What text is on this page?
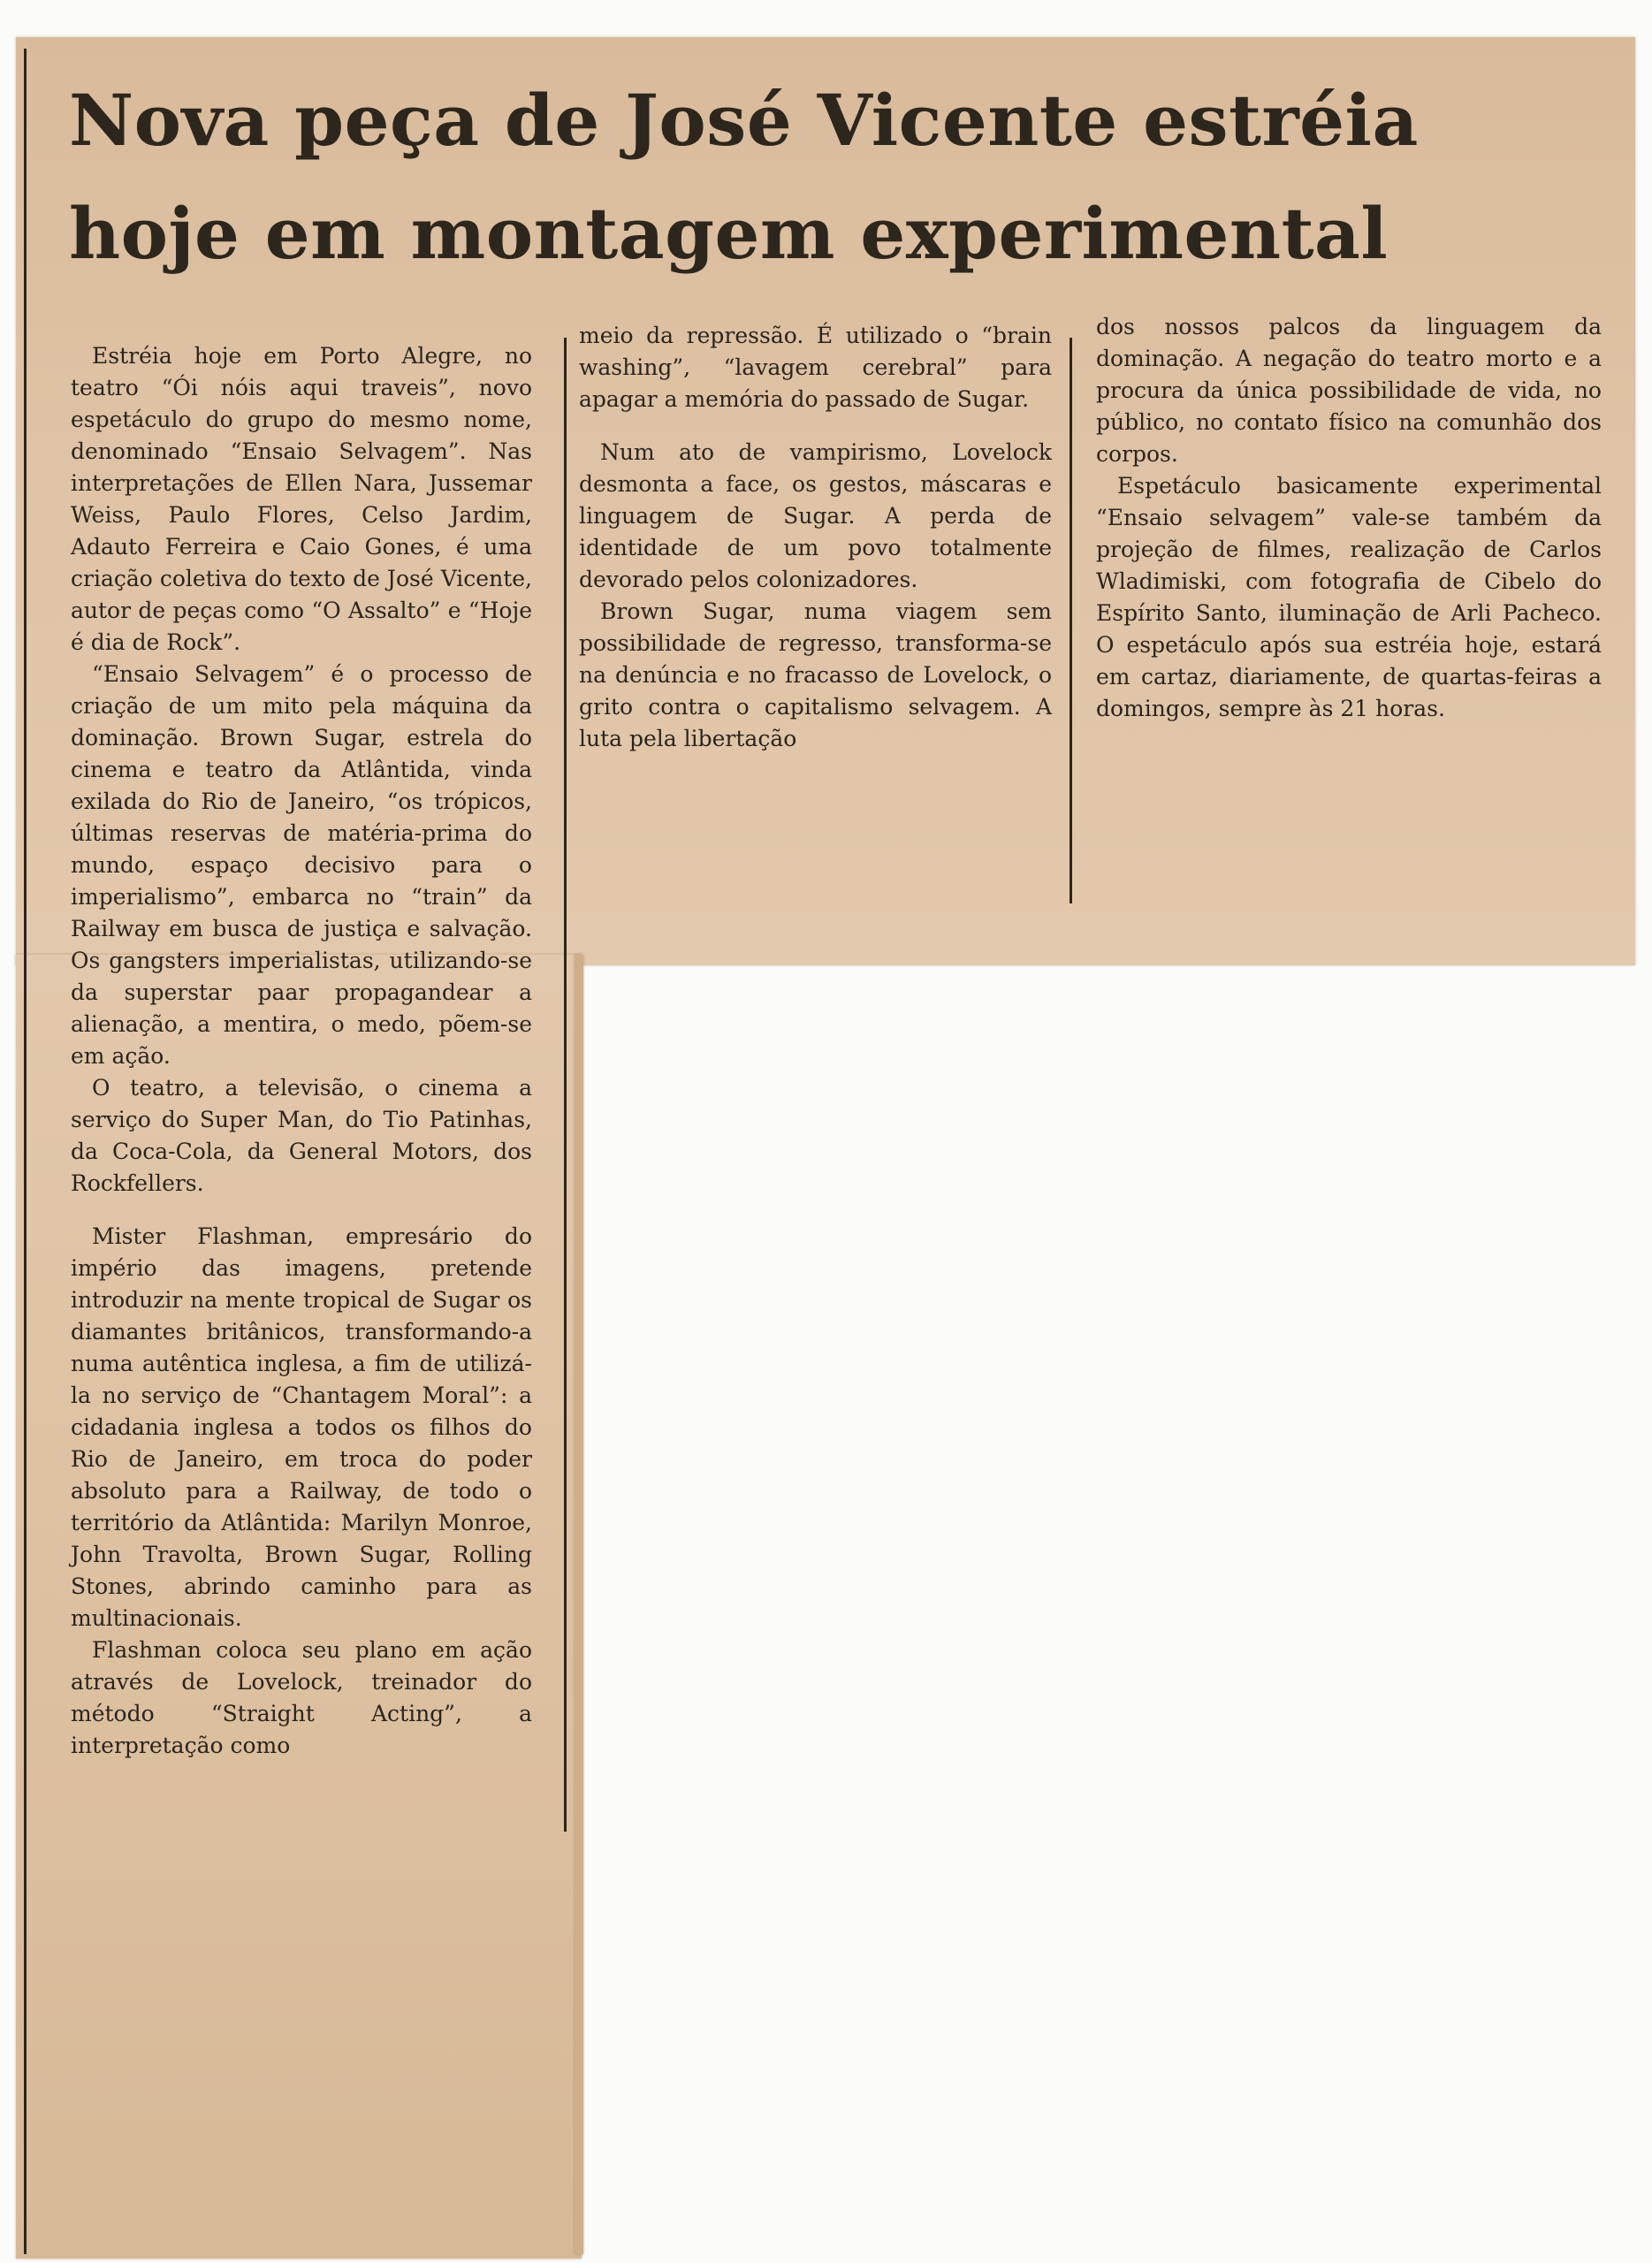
Nova peça de José Vicente estréia
hoje em montagem experimental

Estréia hoje em Porto Alegre, no teatro “Ói nóis aqui traveis”, novo espetáculo do grupo do mesmo nome, denominado “Ensaio Selvagem”. Nas interpretações de Ellen Nara, Jussemar Weiss, Paulo Flores, Celso Jardim, Adauto Ferreira e Caio Gones, é uma criação coletiva do texto de José Vicente, autor de peças como “O Assalto” e “Hoje é dia de Rock”.

“Ensaio Selvagem” é o processo de criação de um mito pela máquina da dominação. Brown Sugar, estrela do cinema e teatro da Atlântida, vinda exilada do Rio de Janeiro, “os trópicos, últimas reservas de matéria-prima do mundo, espaço decisivo para o imperialismo”, embarca no “train” da Railway em busca de justiça e salvação. Os gangsters imperialistas, utilizando-se da superstar paar propagandear a alienação, a mentira, o medo, põem-se em ação.

O teatro, a televisão, o cinema a serviço do Super Man, do Tio Patinhas, da Coca-Cola, da General Motors, dos Rockfellers.

Mister Flashman, empresário do império das imagens, pretende introduzir na mente tropical de Sugar os diamantes britânicos, transformando-a numa autêntica inglesa, a fim de utilizá-la no serviço de “Chantagem Moral”: a cidadania inglesa a todos os filhos do Rio de Janeiro, em troca do poder absoluto para a Railway, de todo o território da Atlântida: Marilyn Monroe, John Travolta, Brown Sugar, Rolling Stones, abrindo caminho para as multinacionais.

Flashman coloca seu plano em ação através de Lovelock, treinador do método “Straight Acting”, a interpretação como

meio da repressão. É utilizado o “brain washing”, “lavagem cerebral” para apagar a memória do passado de Sugar.

Num ato de vampirismo, Lovelock desmonta a face, os gestos, máscaras e linguagem de Sugar. A perda de identidade de um povo totalmente devorado pelos colonizadores.

Brown Sugar, numa viagem sem possibilidade de regresso, transforma-se na denúncia e no fracasso de Lovelock, o grito contra o capitalismo selvagem. A luta pela libertação

dos nossos palcos da linguagem da dominação. A negação do teatro morto e a procura da única possibilidade de vida, no público, no contato físico na comunhão dos corpos.

Espetáculo basicamente experimental “Ensaio selvagem” vale-se também da projeção de filmes, realização de Carlos Wladimiski, com fotografia de Cibelo do Espírito Santo, iluminação de Arli Pacheco. O espetáculo após sua estréia hoje, estará em cartaz, diariamente, de quartas-feiras a domingos, sempre às 21 horas.
